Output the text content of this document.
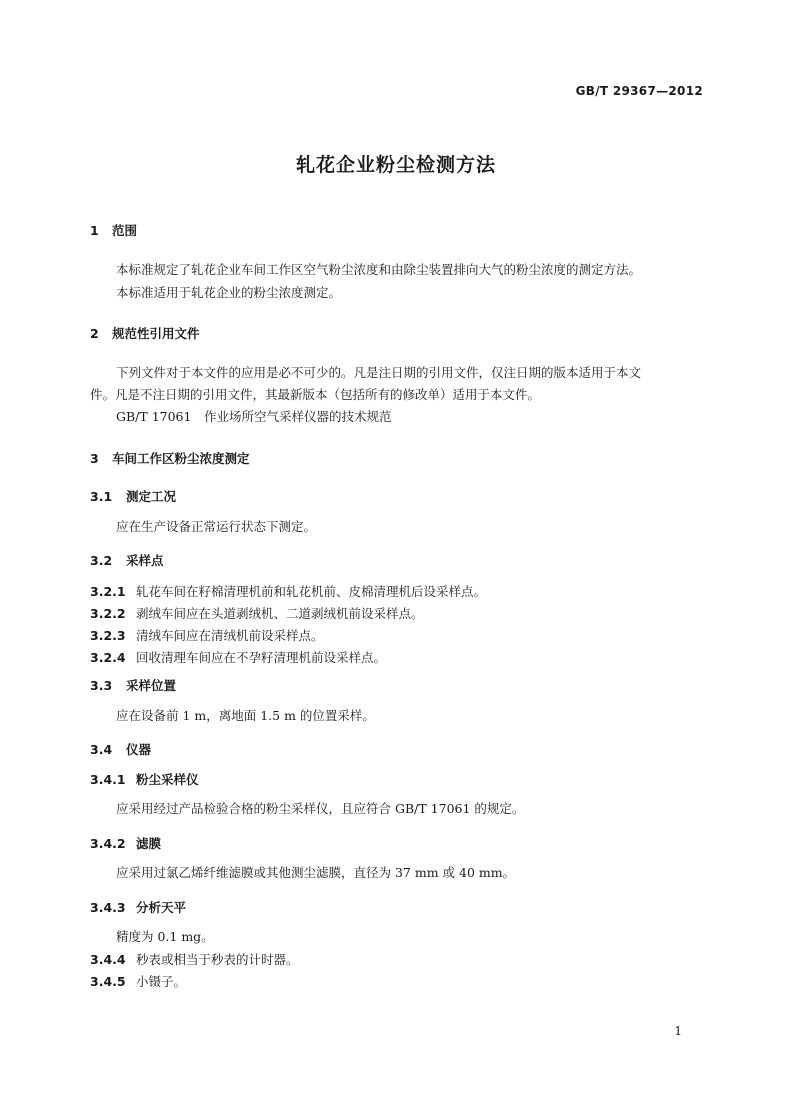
GB/T 29367—2012
轧花企业粉尘检测方法
1 范围
本标准规定了轧花企业车间工作区空气粉尘浓度和由除尘装置排向大气的粉尘浓度的测定方法。
本标准适用于轧花企业的粉尘浓度测定。
2 规范性引用文件
下列文件对于本文件的应用是必不可少的。凡是注日期的引用文件，仅注日期的版本适用于本文
件。凡是不注日期的引用文件，其最新版本（包括所有的修改单）适用于本文件。
GB/T 17061　作业场所空气采样仪器的技术规范
3 车间工作区粉尘浓度测定
3.1 测定工况
应在生产设备正常运行状态下测定。
3.2 采样点
3.2.1 轧花车间在籽棉清理机前和轧花机前、皮棉清理机后设采样点。
3.2.2 剥绒车间应在头道剥绒机、二道剥绒机前设采样点。
3.2.3 清绒车间应在清绒机前设采样点。
3.2.4 回收清理车间应在不孕籽清理机前设采样点。
3.3 采样位置
应在设备前 1 m，离地面 1.5 m 的位置采样。
3.4 仪器
3.4.1 粉尘采样仪
应采用经过产品检验合格的粉尘采样仪，且应符合 GB/T 17061 的规定。
3.4.2 滤膜
应采用过氯乙烯纤维滤膜或其他测尘滤膜，直径为 37 mm 或 40 mm。
3.4.3 分析天平
精度为 0.1 mg。
3.4.4 秒表或相当于秒表的计时器。
3.4.5 小镊子。
1
